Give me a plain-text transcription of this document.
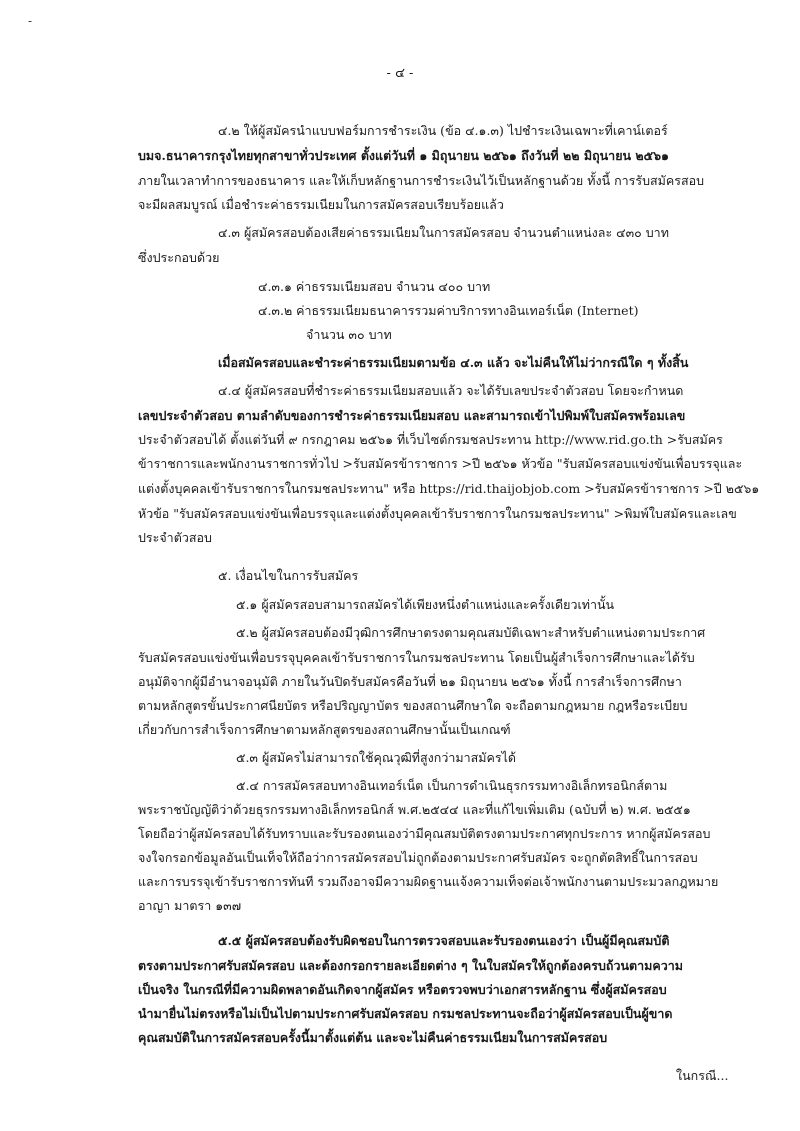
-
- ๔ -
๔.๒ ให้ผู้สมัครนำแบบฟอร์มการชำระเงิน (ข้อ ๔.๑.๓) ไปชำระเงินเฉพาะที่เคาน์เตอร์
บมจ.ธนาคารกรุงไทยทุกสาขาทั่วประเทศ ตั้งแต่วันที่ ๑ มิถุนายน ๒๕๖๑ ถึงวันที่ ๒๒ มิถุนายน ๒๕๖๑
ภายในเวลาทำการของธนาคาร และให้เก็บหลักฐานการชำระเงินไว้เป็นหลักฐานด้วย ทั้งนี้ การรับสมัครสอบ
จะมีผลสมบูรณ์ เมื่อชำระค่าธรรมเนียมในการสมัครสอบเรียบร้อยแล้ว
๔.๓ ผู้สมัครสอบต้องเสียค่าธรรมเนียมในการสมัครสอบ จำนวนตำแหน่งละ ๔๓๐ บาท
ซึ่งประกอบด้วย
๔.๓.๑ ค่าธรรมเนียมสอบ จำนวน ๔๐๐ บาท
๔.๓.๒ ค่าธรรมเนียมธนาคารรวมค่าบริการทางอินเทอร์เน็ต (Internet)
จำนวน ๓๐ บาท
เมื่อสมัครสอบและชำระค่าธรรมเนียมตามข้อ ๔.๓ แล้ว จะไม่คืนให้ไม่ว่ากรณีใด ๆ ทั้งสิ้น
๔.๔ ผู้สมัครสอบที่ชำระค่าธรรมเนียมสอบแล้ว จะได้รับเลขประจำตัวสอบ โดยจะกำหนด
เลขประจำตัวสอบ ตามลำดับของการชำระค่าธรรมเนียมสอบ และสามารถเข้าไปพิมพ์ใบสมัครพร้อมเลข
ประจำตัวสอบได้ ตั้งแต่วันที่ ๙ กรกฎาคม ๒๕๖๑ ที่เว็บไซต์กรมชลประทาน http://www.rid.go.th >รับสมัคร
ข้าราชการและพนักงานราชการทั่วไป >รับสมัครข้าราชการ >ปี ๒๕๖๑ หัวข้อ "รับสมัครสอบแข่งขันเพื่อบรรจุและ
แต่งตั้งบุคคลเข้ารับราชการในกรมชลประทาน" หรือ https://rid.thaijobjob.com >รับสมัครข้าราชการ >ปี ๒๕๖๑
หัวข้อ "รับสมัครสอบแข่งขันเพื่อบรรจุและแต่งตั้งบุคคลเข้ารับราชการในกรมชลประทาน" >พิมพ์ใบสมัครและเลข
ประจำตัวสอบ
๕. เงื่อนไขในการรับสมัคร
๕.๑ ผู้สมัครสอบสามารถสมัครได้เพียงหนึ่งตำแหน่งและครั้งเดียวเท่านั้น
๕.๒ ผู้สมัครสอบต้องมีวุฒิการศึกษาตรงตามคุณสมบัติเฉพาะสำหรับตำแหน่งตามประกาศ
รับสมัครสอบแข่งขันเพื่อบรรจุบุคคลเข้ารับราชการในกรมชลประทาน โดยเป็นผู้สำเร็จการศึกษาและได้รับ
อนุมัติจากผู้มีอำนาจอนุมัติ ภายในวันปิดรับสมัครคือวันที่ ๒๑ มิถุนายน ๒๕๖๑ ทั้งนี้ การสำเร็จการศึกษา
ตามหลักสูตรขั้นประกาศนียบัตร หรือปริญญาบัตร ของสถานศึกษาใด จะถือตามกฎหมาย กฎหรือระเบียบ
เกี่ยวกับการสำเร็จการศึกษาตามหลักสูตรของสถานศึกษานั้นเป็นเกณฑ์
๕.๓ ผู้สมัครไม่สามารถใช้คุณวุฒิที่สูงกว่ามาสมัครได้
๕.๔ การสมัครสอบทางอินเทอร์เน็ต เป็นการดำเนินธุรกรรมทางอิเล็กทรอนิกส์ตาม
พระราชบัญญัติว่าด้วยธุรกรรมทางอิเล็กทรอนิกส์ พ.ศ.๒๕๔๔ และที่แก้ไขเพิ่มเติม (ฉบับที่ ๒) พ.ศ. ๒๕๕๑
โดยถือว่าผู้สมัครสอบได้รับทราบและรับรองตนเองว่ามีคุณสมบัติตรงตามประกาศทุกประการ หากผู้สมัครสอบ
จงใจกรอกข้อมูลอันเป็นเท็จให้ถือว่าการสมัครสอบไม่ถูกต้องตามประกาศรับสมัคร จะถูกตัดสิทธิ์ในการสอบ
และการบรรจุเข้ารับราชการทันที รวมถึงอาจมีความผิดฐานแจ้งความเท็จต่อเจ้าพนักงานตามประมวลกฎหมาย
อาญา มาตรา ๑๓๗
๕.๕ ผู้สมัครสอบต้องรับผิดชอบในการตรวจสอบและรับรองตนเองว่า เป็นผู้มีคุณสมบัติ
ตรงตามประกาศรับสมัครสอบ และต้องกรอกรายละเอียดต่าง ๆ ในใบสมัครให้ถูกต้องครบถ้วนตามความ
เป็นจริง ในกรณีที่มีความผิดพลาดอันเกิดจากผู้สมัคร หรือตรวจพบว่าเอกสารหลักฐาน ซึ่งผู้สมัครสอบ
นำมายื่นไม่ตรงหรือไม่เป็นไปตามประกาศรับสมัครสอบ กรมชลประทานจะถือว่าผู้สมัครสอบเป็นผู้ขาด
คุณสมบัติในการสมัครสอบครั้งนี้มาตั้งแต่ต้น และจะไม่คืนค่าธรรมเนียมในการสมัครสอบ
ในกรณี...
